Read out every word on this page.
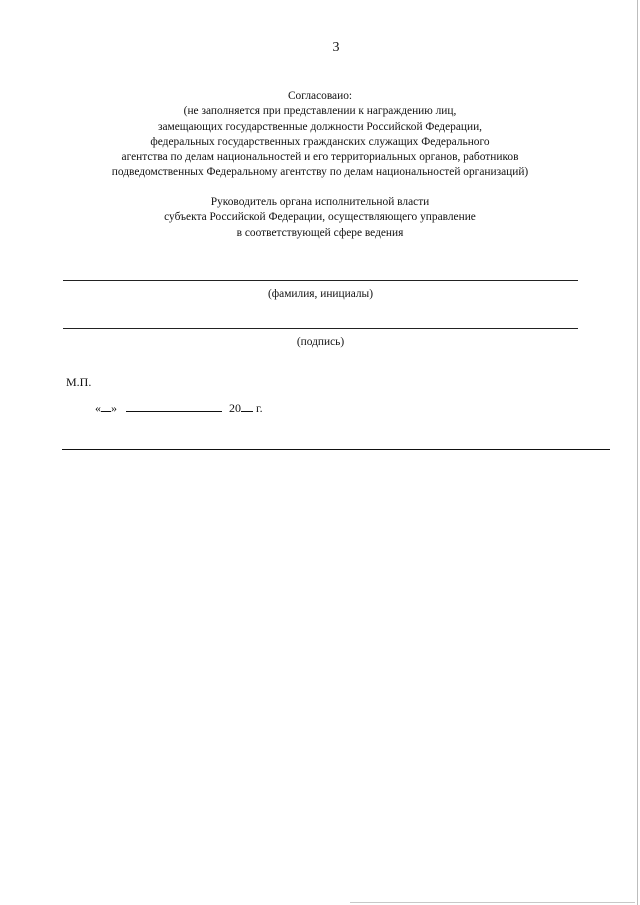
3
Согласоваио:
(не заполняется при представлении к награждению лиц,
замещающих государственные должности Российской Федерации,
федеральных государственных гражданских служащих Федерального
агентства по делам национальностей и его территориальных органов, работников
подведомственных Федеральному агентству по делам национальностей организаций)
Руководитель органа исполнительной власти
субъекта Российской Федерации, осуществляющего управление
в соответствующей сфере ведения
(фамилия, инициалы)
(подпись)
М.П.
« »	20 г.
